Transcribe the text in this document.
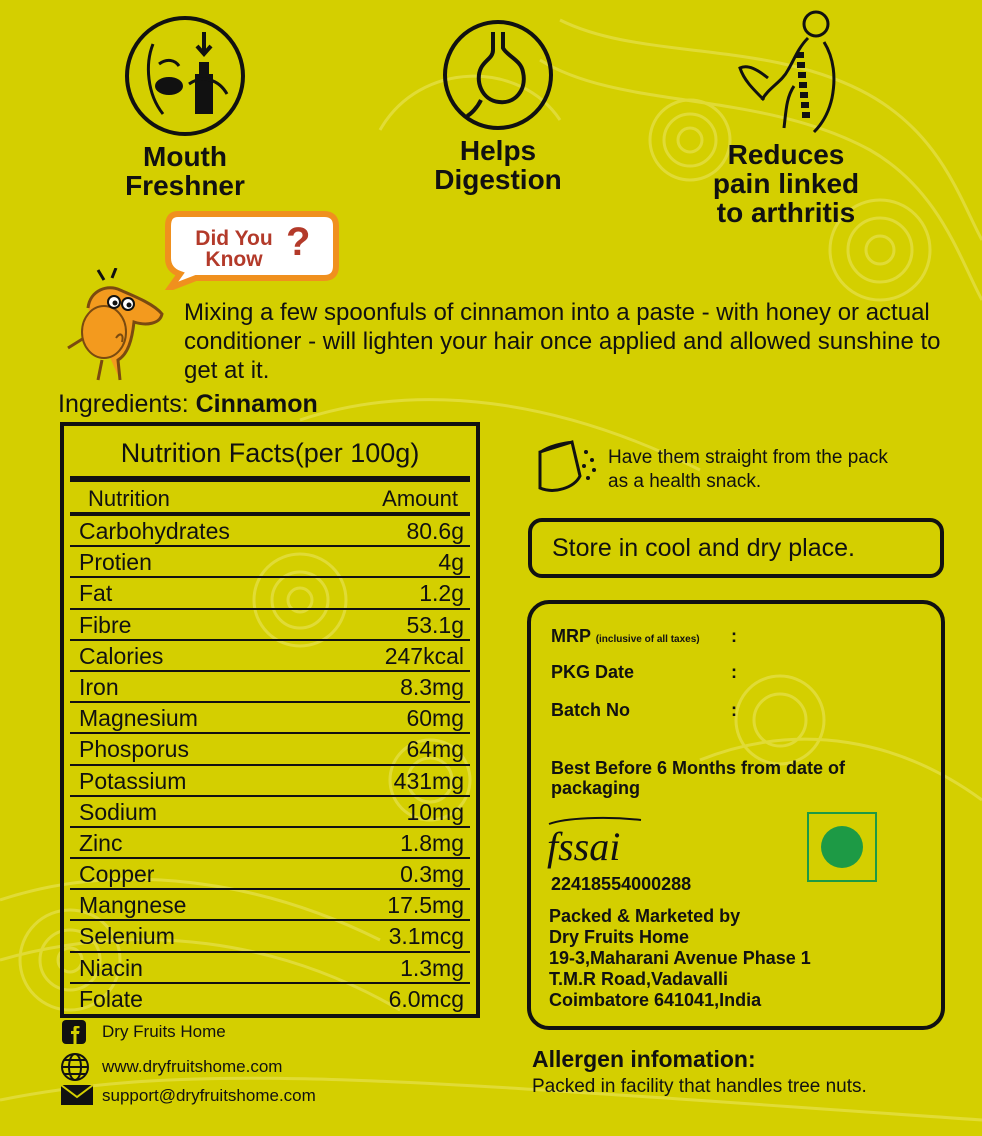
Mouth
Freshner
Helps
Digestion
Reduces
pain linked
to arthritis
Did You
Know ?
Mixing a few spoonfuls of cinnamon into a paste - with honey or actual conditioner - will lighten your hair once applied and allowed sunshine to get at it.
Ingredients: Cinnamon
Nutrition Facts(per 100g)
Nutrition	Amount
Carbohydrates	80.6g
Protien	4g
Fat	1.2g
Fibre	53.1g
Calories	247kcal
Iron	8.3mg
Magnesium	60mg
Phosporus	64mg
Potassium	431mg
Sodium	10mg
Zinc	1.8mg
Copper	0.3mg
Mangnese	17.5mg
Selenium	3.1mcg
Niacin	1.3mg
Folate	6.0mcg
Dry Fruits Home
www.dryfruitshome.com
support@dryfruitshome.com
Have them straight from the pack
as a health snack.
Store in cool and dry place.
MRP (inclusive of all taxes) :
PKG Date	:
Batch No	:
Best Before 6 Months from date of packaging
fssai
22418554000288
Packed & Marketed by
Dry Fruits Home
19-3,Maharani Avenue Phase 1
T.M.R Road,Vadavalli
Coimbatore 641041,India
Allergen infomation:
Packed in facility that handles tree nuts.
